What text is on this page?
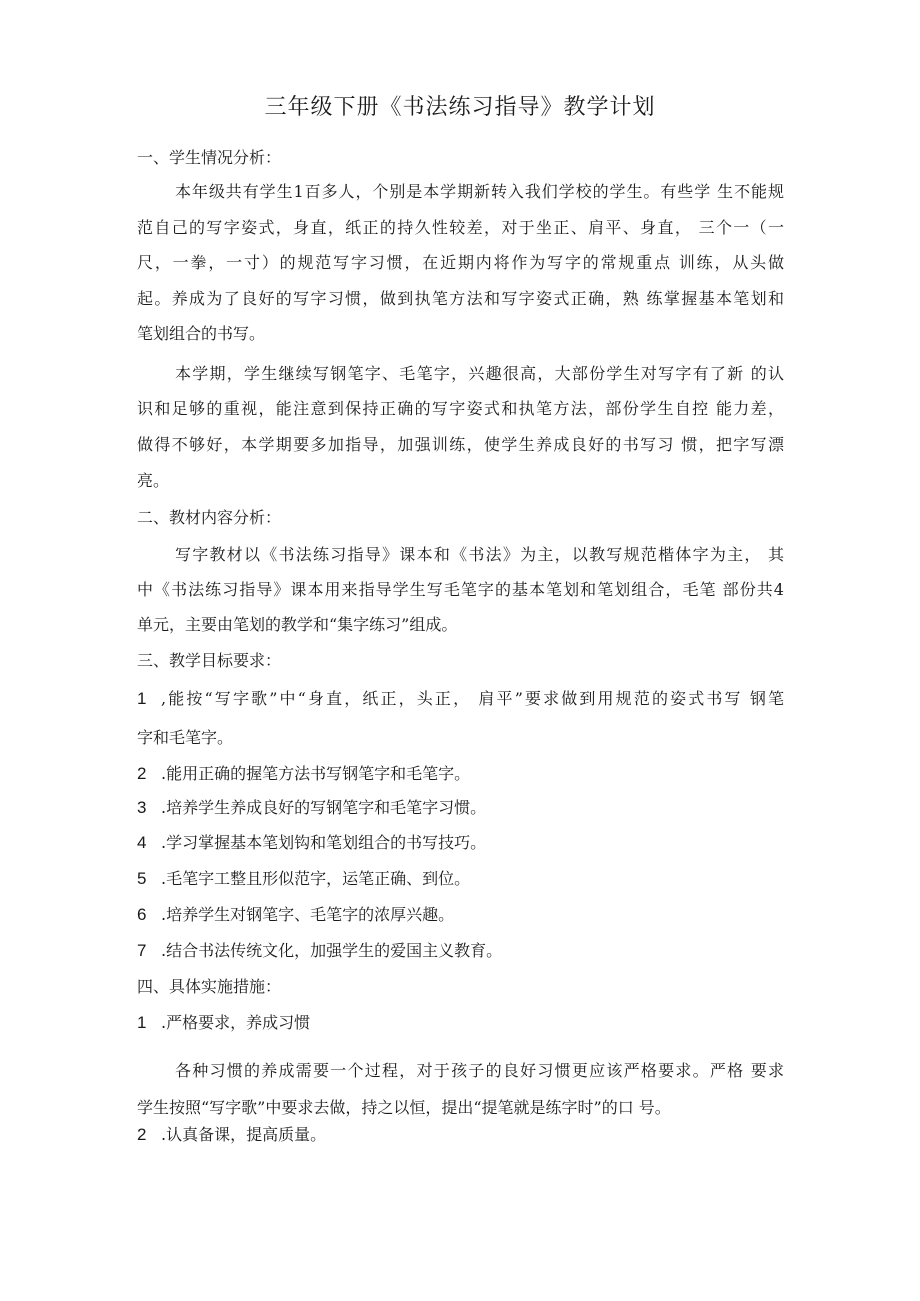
三年级下册《书法练习指导》教学计划
一、学生情况分析：
本年级共有学生1百多人，个别是本学期新转入我们学校的学生。有些学 生不能规
范自己的写字姿式，身直，纸正的持久性较差，对于坐正、肩平、身直， 三个一（一
尺，一拳，一寸）的规范写字习惯，在近期内将作为写字的常规重点 训练，从头做
起。养成为了良好的写字习惯，做到执笔方法和写字姿式正确，熟 练掌握基本笔划和
笔划组合的书写。
本学期，学生继续写钢笔字、毛笔字，兴趣很高，大部份学生对写字有了新 的认
识和足够的重视，能注意到保持正确的写字姿式和执笔方法，部份学生自控 能力差，
做得不够好，本学期要多加指导，加强训练，使学生养成良好的书写习 惯，把字写漂
亮。
二、教材内容分析：
写字教材以《书法练习指导》课本和《书法》为主，以教写规范楷体字为主， 其
中《书法练习指导》课本用来指导学生写毛笔字的基本笔划和笔划组合，毛笔 部份共4
单元，主要由笔划的教学和“集字练习”组成。
三、教学目标要求：
1 ,能按“写字歌”中“身直，纸正，头正， 肩平”要求做到用规范的姿式书写 钢笔
字和毛笔字。
2 .能用正确的握笔方法书写钢笔字和毛笔字。
3 .培养学生养成良好的写钢笔字和毛笔字习惯。
4 .学习掌握基本笔划钩和笔划组合的书写技巧。
5 .毛笔字工整且形似范字，运笔正确、到位。
6 .培养学生对钢笔字、毛笔字的浓厚兴趣。
7 .结合书法传统文化，加强学生的爱国主义教育。
四、具体实施措施：
1 .严格要求，养成习惯
各种习惯的养成需要一个过程，对于孩子的良好习惯更应该严格要求。严格 要求
学生按照“写字歌”中要求去做，持之以恒，提出“提笔就是练字时”的口 号。
2 .认真备课，提高质量。
